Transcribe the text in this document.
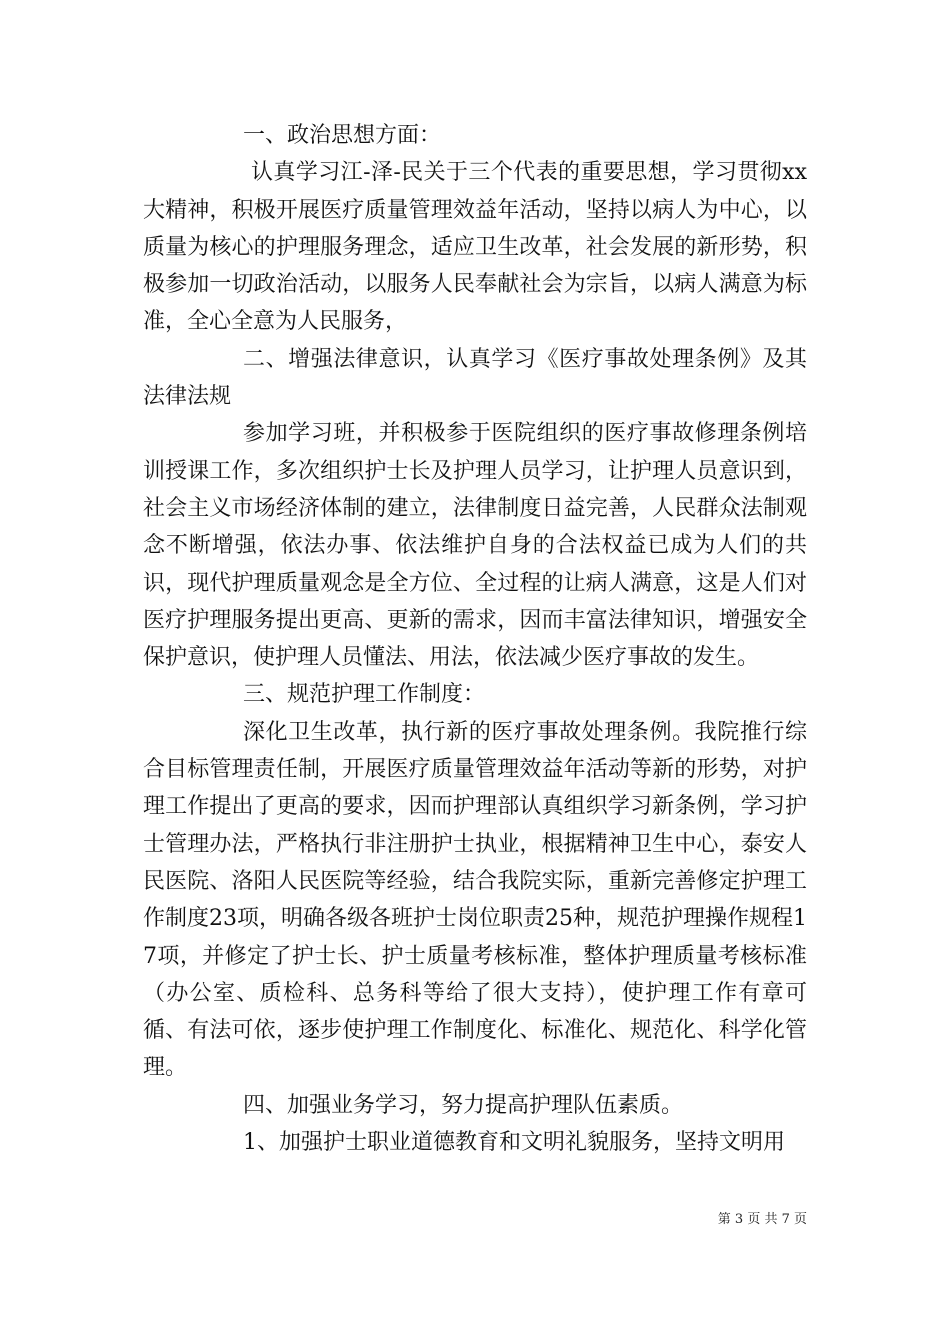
一、政治思想方面：

认真学习江-泽-民关于三个代表的重要思想，学习贯彻xx大精神，积极开展医疗质量管理效益年活动，坚持以病人为中心，以质量为核心的护理服务理念，适应卫生改革，社会发展的新形势，积极参加一切政治活动，以服务人民奉献社会为宗旨，以病人满意为标准，全心全意为人民服务，

二、增强法律意识，认真学习《医疗事故处理条例》及其法律法规

参加学习班，并积极参于医院组织的医疗事故修理条例培训授课工作，多次组织护士长及护理人员学习，让护理人员意识到，社会主义市场经济体制的建立，法律制度日益完善，人民群众法制观念不断增强，依法办事、依法维护自身的合法权益已成为人们的共识，现代护理质量观念是全方位、全过程的让病人满意，这是人们对医疗护理服务提出更高、更新的需求，因而丰富法律知识，增强安全保护意识，使护理人员懂法、用法，依法减少医疗事故的发生。

三、规范护理工作制度：

深化卫生改革，执行新的医疗事故处理条例。我院推行综合目标管理责任制，开展医疗质量管理效益年活动等新的形势，对护理工作提出了更高的要求，因而护理部认真组织学习新条例，学习护士管理办法，严格执行非注册护士执业，根据精神卫生中心，泰安人民医院、洛阳人民医院等经验，结合我院实际，重新完善修定护理工作制度23项，明确各级各班护士岗位职责25种，规范护理操作规程17项，并修定了护士长、护士质量考核标准，整体护理质量考核标准（办公室、质检科、总务科等给了很大支持），使护理工作有章可循、有法可依，逐步使护理工作制度化、标准化、规范化、科学化管理。

四、加强业务学习，努力提高护理队伍素质。

1、加强护士职业道德教育和文明礼貌服务，坚持文明用

第 3 页 共 7 页
